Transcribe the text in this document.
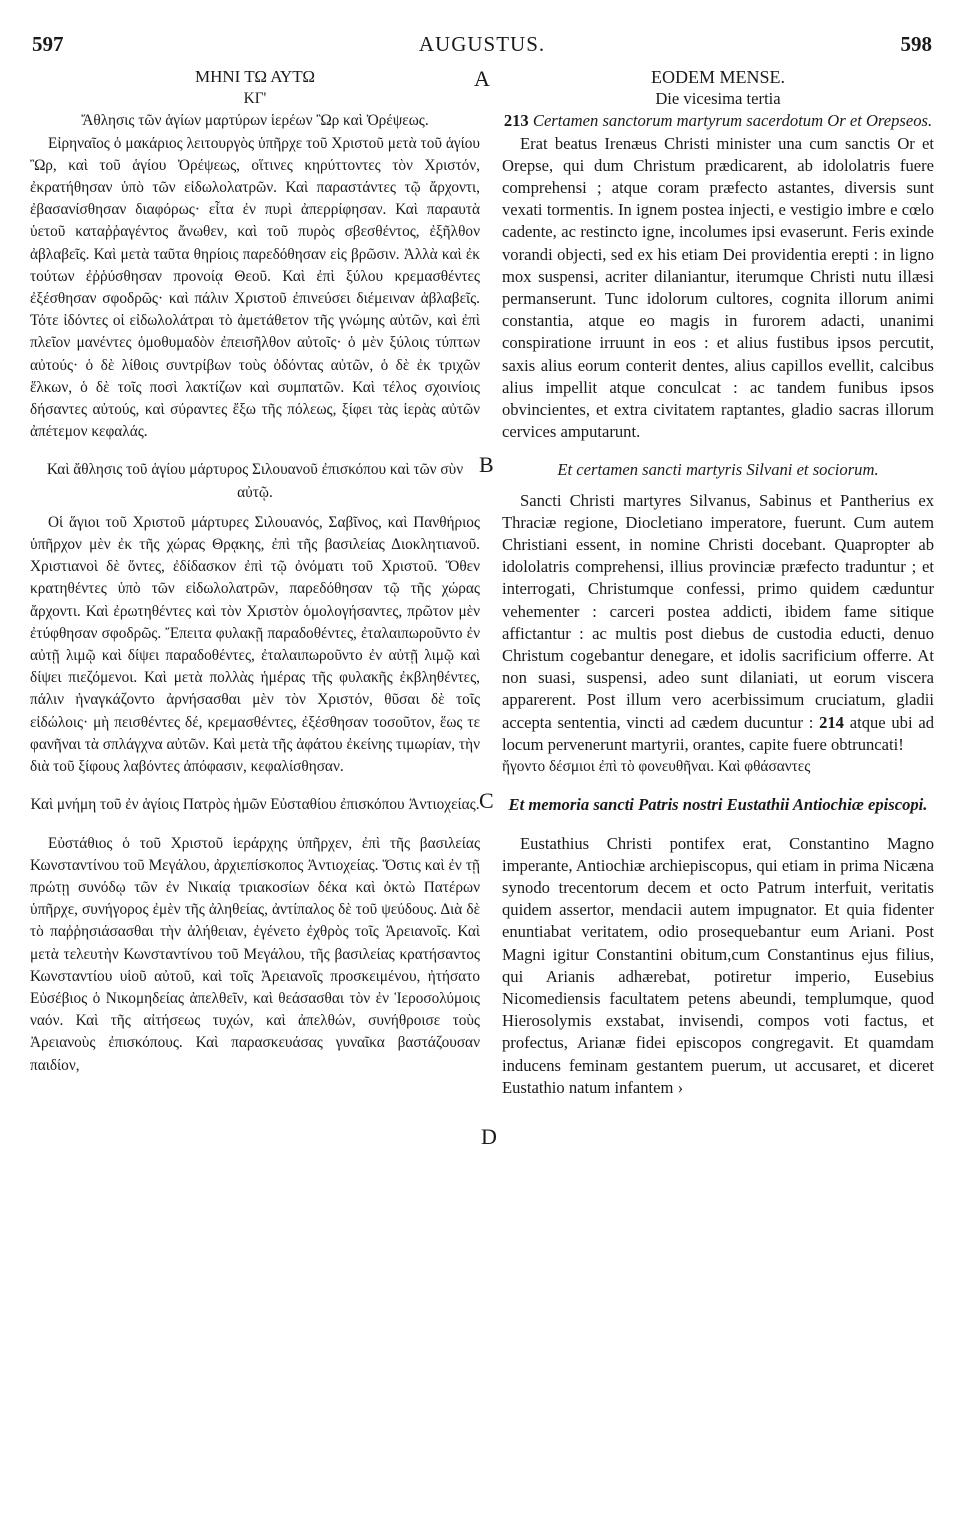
597	AUGUSTUS.	598
A
B
C
D

ΜΗΝΙ ΤΩ ΑΥΤΩ

ΚΓ'

Ἄθλησις τῶν ἁγίων μαρτύρων ἱερέων Ὢρ καὶ Ὀρέψεως.

Εἰρηναῖος ὁ μακάριος λειτουργὸς ὑπῆρχε τοῦ Χριστοῦ μετὰ τοῦ ἁγίου Ὢρ, καὶ τοῦ ἁγίου Ὀρέψεως, οἵτινες κηρύττοντες τὸν Χριστόν, ἐκρατήθησαν ὑπὸ τῶν εἰδωλολατρῶν. Καὶ παραστάντες τῷ ἄρχοντι, ἐβασανίσθησαν διαφόρως· εἶτα ἐν πυρὶ ἀπερρίφησαν. Καὶ παραυτὰ ὑετοῦ καταῤῥαγέντος ἄνωθεν, καὶ τοῦ πυρὸς σβεσθέντος, ἐξῆλθον ἀβλαβεῖς. Καὶ μετὰ ταῦτα θηρίοις παρεδόθησαν εἰς βρῶσιν. Ἀλλὰ καὶ ἐκ τούτων ἐῤῥύσθησαν προνοίᾳ Θεοῦ. Καὶ ἐπὶ ξύλου κρεμασθέντες ἐξέσθησαν σφοδρῶς· καὶ πάλιν Χριστοῦ ἐπινεύσει διέμειναν ἀβλαβεῖς. Τότε ἰδόντες οἱ εἰδωλολάτραι τὸ ἀμετάθετον τῆς γνώμης αὐτῶν, καὶ ἐπὶ πλεῖον μανέντες ὁμοθυμαδὸν ἐπεισῆλθον αὐτοῖς· ὁ μὲν ξύλοις τύπτων αὐτούς· ὁ δὲ λίθοις συντρίβων τοὺς ὀδόντας αὐτῶν, ὁ δὲ ἐκ τριχῶν ἕλκων, ὁ δὲ τοῖς ποσὶ λακτίζων καὶ συμπατῶν. Καὶ τέλος σχοινίοις δήσαντες αὐτούς, καὶ σύραντες ἔξω τῆς πόλεως, ξίφει τὰς ἱερὰς αὐτῶν ἀπέτεμον κεφαλάς.

Καὶ ἄθλησις τοῦ ἁγίου μάρτυρος Σιλουανοῦ ἐπισκόπου καὶ τῶν σὺν αὐτῷ.

Οἱ ἅγιοι τοῦ Χριστοῦ μάρτυρες Σιλουανός, Σαβῖνος, καὶ Πανθήριος ὑπῆρχον μὲν ἐκ τῆς χώρας Θρᾳκης, ἐπὶ τῆς βασιλείας Διοκλητιανοῦ. Χριστιανοὶ δὲ ὄντες, ἐδίδασκον ἐπὶ τῷ ὀνόματι τοῦ Χριστοῦ. Ὅθεν κρατηθέντες ὑπὸ τῶν εἰδωλολατρῶν, παρεδόθησαν τῷ τῆς χώρας ἄρχοντι. Καὶ ἐρωτηθέντες καὶ τὸν Χριστὸν ὁμολογήσαντες, πρῶτον μὲν ἐτύφθησαν σφοδρῶς. Ἔπειτα φυλακῇ παραδοθέντες, ἐταλαιπωροῦντο ἐν αὐτῇ λιμῷ καὶ δίψει παραδοθέντες, ἐταλαιπωροῦντο ἐν αὐτῇ λιμῷ καὶ δίψει πιεζόμενοι. Καὶ μετὰ πολλὰς ἡμέρας τῆς φυλακῆς ἐκβληθέντες, πάλιν ἠναγκάζοντο ἀρνήσασθαι μὲν τὸν Χριστόν, θῦσαι δὲ τοῖς εἰδώλοις· μὴ πεισθέντες δέ, κρεμασθέντες, ἐξέσθησαν τοσοῦτον, ἕως τε φανῆναι τὰ σπλάγχνα αὐτῶν. Καὶ μετὰ τῆς ἀφάτου ἐκείνης τιμωρίαν, τὴν διὰ τοῦ ξίφους λαβόντες ἀπόφασιν, κεφαλίσθησαν.

Καὶ μνήμη τοῦ ἐν ἁγίοις Πατρὸς ἡμῶν Εὐσταθίου ἐπισκόπου Ἀντιοχείας.

Εὐστάθιος ὁ τοῦ Χριστοῦ ἱεράρχης ὑπῆρχεν, ἐπὶ τῆς βασιλείας Κωνσταντίνου τοῦ Μεγάλου, ἀρχιεπίσκοπος Ἀντιοχείας. Ὅστις καὶ ἐν τῇ πρώτῃ συνόδῳ τῶν ἐν Νικαίᾳ τριακοσίων δέκα καὶ ὀκτὼ Πατέρων ὑπῆρχε, συνήγορος ἐμὲν τῆς ἀληθείας, ἀντίπαλος δὲ τοῦ ψεύδους. Διὰ δὲ τὸ παῤῥησιάσασθαι τὴν ἀλήθειαν, ἐγένετο ἐχθρὸς τοῖς Ἀρειανοῖς. Καὶ μετὰ τελευτὴν Κωνσταντίνου τοῦ Μεγάλου, τῆς βασιλείας κρατήσαντος Κωνσταντίου υἱοῦ αὐτοῦ, καὶ τοῖς Ἀρειανοῖς προσκειμένου, ἠτήσατο Εὐσέβιος ὁ Νικομηδείας ἀπελθεῖν, καὶ θεάσασθαι τὸν ἐν Ἱεροσολύμοις ναόν. Καὶ τῆς αἰτήσεως τυχών, καὶ ἀπελθών, συνήθροισε τοὺς Ἀρειανοὺς ἐπισκόπους. Καὶ παρασκευάσας γυναῖκα βαστάζουσαν παιδίον,

EODEM MENSE.

Die vicesima tertia

213 Certamen sanctorum martyrum sacerdotum Or et Orepseos.

Erat beatus Irenæus Christi minister una cum sanctis Or et Orepse, qui dum Christum prædicarent, ab idololatris fuere comprehensi ; atque coram præfecto astantes, diversis sunt vexati tormentis. In ignem postea injecti, e vestigio imbre e cœlo cadente, ac restincto igne, incolumes ipsi evaserunt. Feris exinde vorandi objecti, sed ex his etiam Dei providentia erepti : in ligno mox suspensi, acriter dilaniantur, iterumque Christi nutu illæsi permanserunt. Tunc idolorum cultores, cognita illorum animi constantia, atque eo magis in furorem adacti, unanimi conspiratione irruunt in eos : et alius fustibus ipsos percutit, saxis alius eorum conterit dentes, alius capillos evellit, calcibus alius impellit atque conculcat : ac tandem funibus ipsos obvincientes, et extra civitatem raptantes, gladio sacras illorum cervices amputarunt.

Et certamen sancti martyris Silvani et sociorum.

Sancti Christi martyres Silvanus, Sabinus et Pantherius ex Thraciæ regione, Diocletiano imperatore, fuerunt. Cum autem Christiani essent, in nomine Christi docebant. Quapropter ab idololatris comprehensi, illius provinciæ præfecto traduntur ; et interrogati, Christumque confessi, primo quidem cæduntur vehementer : carceri postea addicti, ibidem fame sitique affictantur : ac multis post diebus de custodia educti, denuo Christum cogebantur denegare, et idolis sacrificium offerre. At non suasi, suspensi, adeo sunt dilaniati, ut eorum viscera apparerent. Post illum vero acerbissimum cruciatum, gladii accepta sententia, vincti ad cædem ducuntur : 214 atque ubi ad locum pervenerunt martyrii, orantes, capite fuere obtruncati!

ἤγοντο δέσμιοι ἐπὶ τὸ φονευθῆναι. Καὶ φθάσαντες

Et memoria sancti Patris nostri Eustathii Antiochiæ episcopi.

Eustathius Christi pontifex erat, Constantino Magno imperante, Antiochiæ archiepiscopus, qui etiam in prima Nicæna synodo trecentorum decem et octo Patrum interfuit, veritatis quidem assertor, mendacii autem impugnator. Et quia fidenter enuntiabat veritatem, odio prosequebantur eum Ariani. Post Magni igitur Constantini obitum,cum Constantinus ejus filius, qui Arianis adhærebat, potiretur imperio, Eusebius Nicomediensis facultatem petens abeundi, templumque, quod Hierosolymis exstabat, invisendi, compos voti factus, et profectus, Arianæ fidei episcopos congregavit. Et quamdam inducens feminam gestantem puerum, ut accusaret, et diceret Eustathio natum infantem ›
